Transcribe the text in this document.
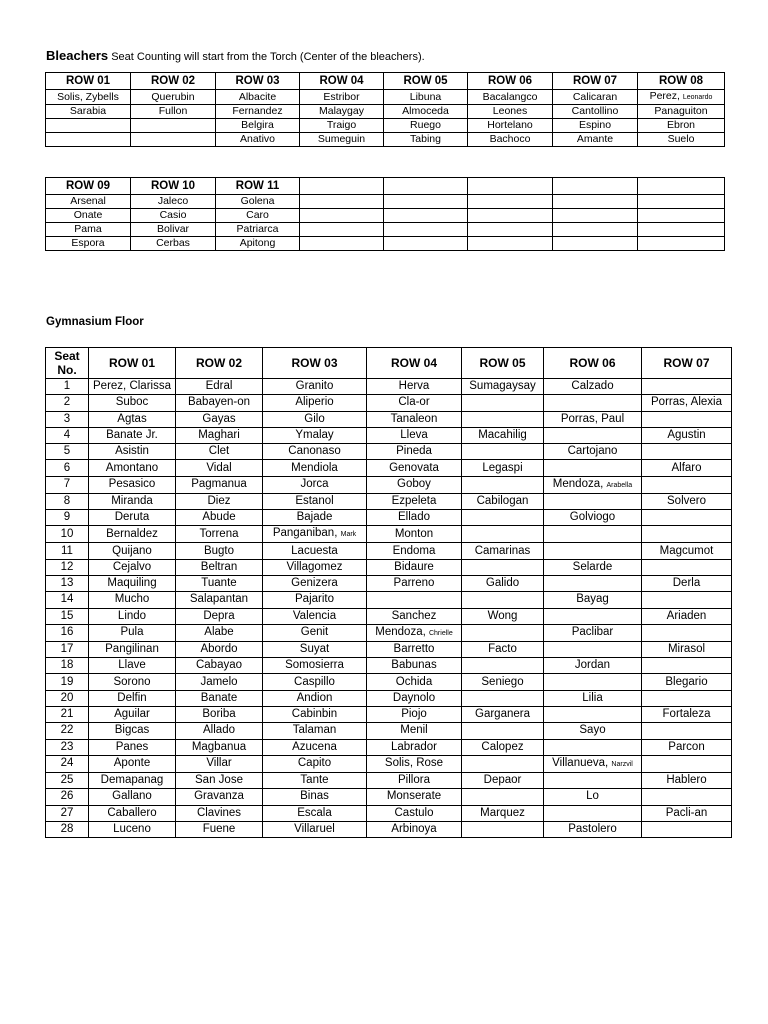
Bleachers Seat Counting will start from the Torch (Center of the bleachers).
ROW 01	ROW 02	ROW 03	ROW 04	ROW 05	ROW 06	ROW 07	ROW 08
Solis, Zybells	Querubin	Albacite	Estribor	Libuna	Bacalangco	Calicaran	Perez, Leonardo
Sarabia	Fullon	Fernandez	Malaygay	Almoceda	Leones	Cantollino	Panaguiton
		Belgira	Traigo	Ruego	Hortelano	Espino	Ebron
		Anativo	Sumeguin	Tabing	Bachoco	Amante	Suelo
ROW 09	ROW 10	ROW 11					
Arsenal	Jaleco	Golena					
Onate	Casio	Caro					
Pama	Bolivar	Patriarca					
Espora	Cerbas	Apitong					
Gymnasium Floor
Seat
No.	ROW 01	ROW 02	ROW 03	ROW 04	ROW 05	ROW 06	ROW 07
1	Perez, Clarissa	Edral	Granito	Herva	Sumagaysay	Calzado	
2	Suboc	Babayen-on	Aliperio	Cla-or			Porras, Alexia
3	Agtas	Gayas	Gilo	Tanaleon		Porras, Paul	
4	Banate Jr.	Maghari	Ymalay	Lleva	Macahilig		Agustin
5	Asistin	Clet	Canonaso	Pineda		Cartojano	
6	Amontano	Vidal	Mendiola	Genovata	Legaspi		Alfaro
7	Pesasico	Pagmanua	Jorca	Goboy		Mendoza, Arabella	
8	Miranda	Diez	Estanol	Ezpeleta	Cabilogan		Solvero
9	Deruta	Abude	Bajade	Ellado		Golviogo	
10	Bernaldez	Torrena	Panganiban, Mark	Monton			
11	Quijano	Bugto	Lacuesta	Endoma	Camarinas		Magcumot
12	Cejalvo	Beltran	Villagomez	Bidaure		Selarde	
13	Maquiling	Tuante	Genizera	Parreno	Galido		Derla
14	Mucho	Salapantan	Pajarito			Bayag	
15	Lindo	Depra	Valencia	Sanchez	Wong		Ariaden
16	Pula	Alabe	Genit	Mendoza, Chrielle		Paclibar	
17	Pangilinan	Abordo	Suyat	Barretto	Facto		Mirasol
18	Llave	Cabayao	Somosierra	Babunas		Jordan	
19	Sorono	Jamelo	Caspillo	Ochida	Seniego		Blegario
20	Delfin	Banate	Andion	Daynolo		Lilia	
21	Aguilar	Boriba	Cabinbin	Piojo	Garganera		Fortaleza
22	Bigcas	Allado	Talaman	Menil		Sayo	
23	Panes	Magbanua	Azucena	Labrador	Calopez		Parcon
24	Aponte	Villar	Capito	Solis, Rose		Villanueva, Narzvil	
25	Demapanag	San Jose	Tante	Pillora	Depaor		Hablero
26	Gallano	Gravanza	Binas	Monserate		Lo	
27	Caballero	Clavines	Escala	Castulo	Marquez		Pacli-an
28	Luceno	Fuene	Villaruel	Arbinoya		Pastolero	
